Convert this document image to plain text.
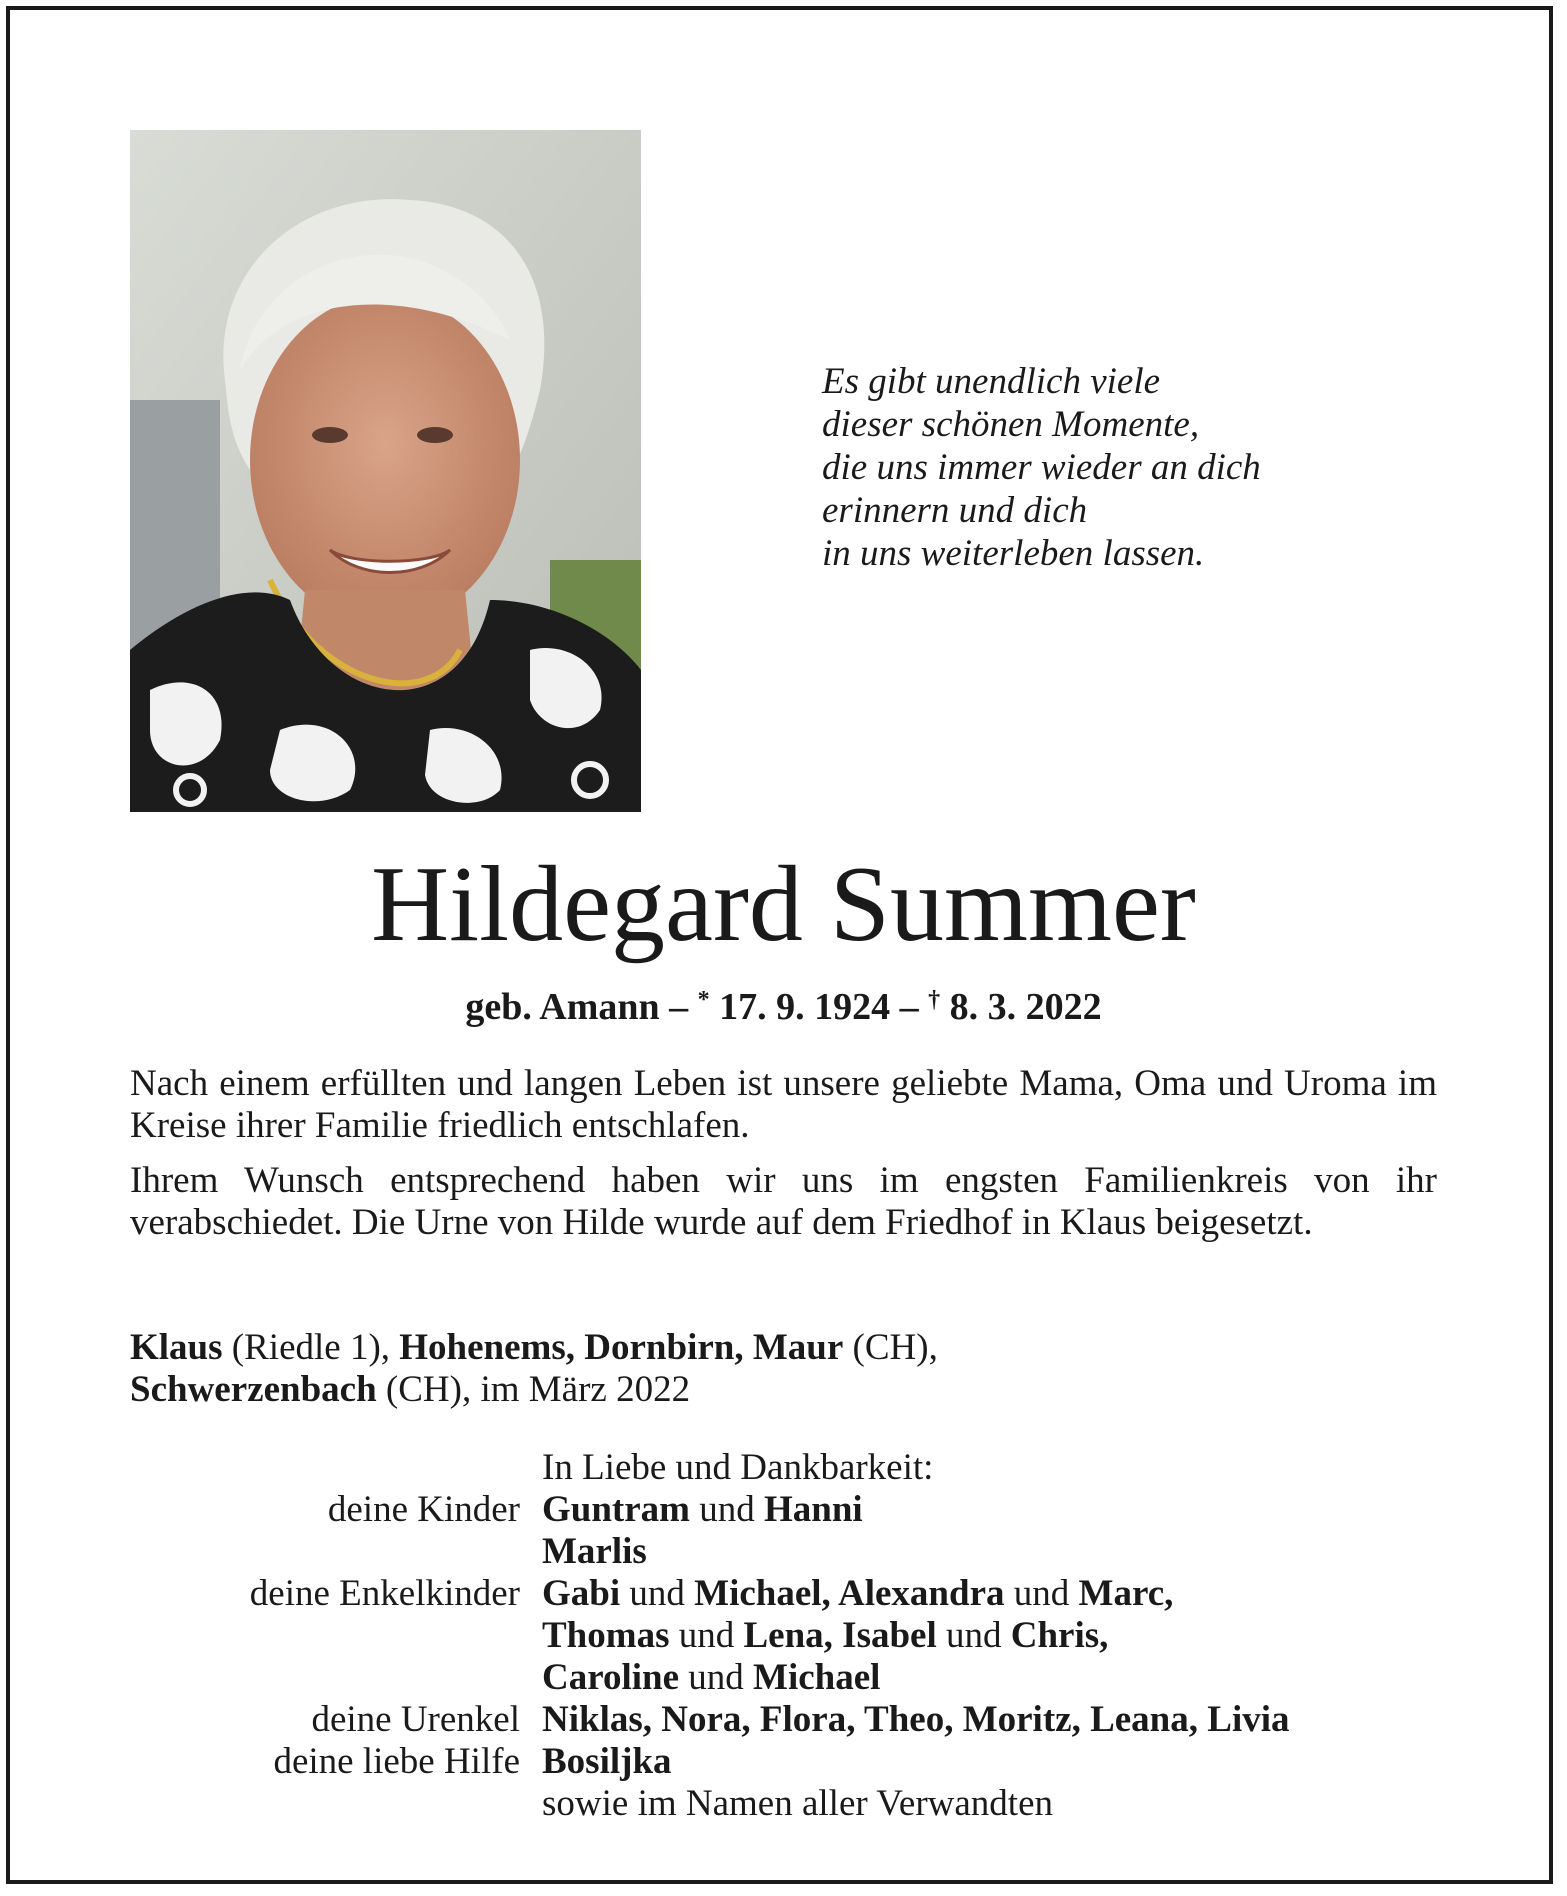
Es gibt unendlich viele
dieser schönen Momente,
die uns immer wieder an dich
erinnern und dich
in uns weiterleben lassen.
Hildegard Summer
geb. Amann – * 17. 9. 1924 – † 8. 3. 2022
Nach einem erfüllten und langen Leben ist unsere geliebte Mama, Oma und Uroma im Kreise ihrer Familie friedlich entschlafen.
Ihrem Wunsch entsprechend haben wir uns im engsten Familienkreis von ihr verabschiedet. Die Urne von Hilde wurde auf dem Friedhof in Klaus beigesetzt.
Klaus (Riedle 1), Hohenems, Dornbirn, Maur (CH),
Schwerzenbach (CH), im März 2022
In Liebe und Dankbarkeit:
deine Kinder Guntram und Hanni
Marlis
deine Enkelkinder Gabi und Michael, Alexandra und Marc,
Thomas und Lena, Isabel und Chris,
Caroline und Michael
deine Urenkel Niklas, Nora, Flora, Theo, Moritz, Leana, Livia
deine liebe Hilfe Bosiljka
sowie im Namen aller Verwandten
